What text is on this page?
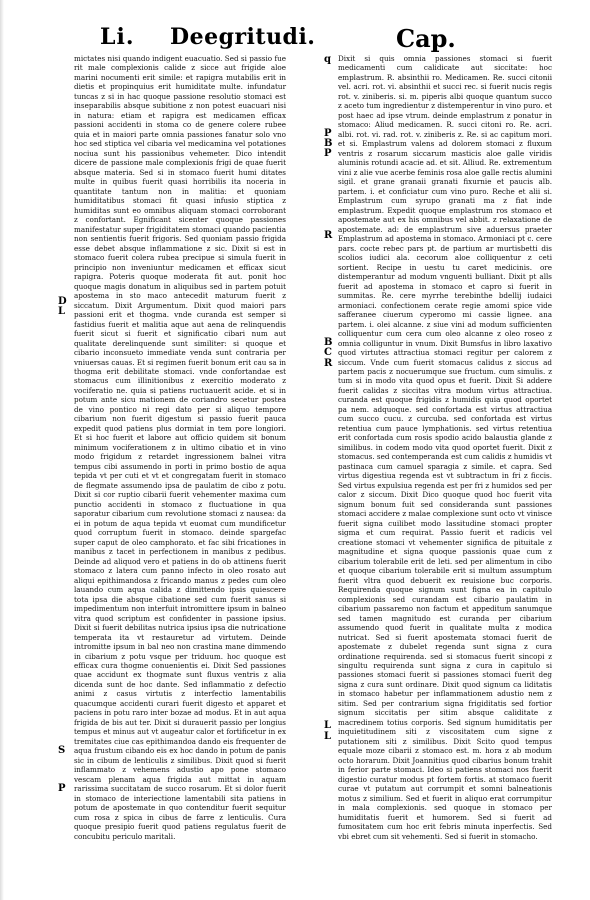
Li. Deegritudi.	Cap.
D
L
S
P
q
P
B
P
R
B
C
R
L
L

mictates nisi quando indigent euacuatio. Sed si passio fue rit male complexionis calide z sicce aut frigide aloe marini nocumenti erit simile: et rapigra mutabilis erit in dietis et propinquius erit humiditate multe. infundatur tuncas z si in hac quoque passione resolutio stomaci est inseparabilis absque subitione z non potest euacuari nisi in natura: etiam et rapigra est medicamen efficax passioni accidenti in stoma co de genere colere rubee quia et in maiori parte omnia passiones fanatur solo vno hoc sed stiptica vel cibaria vel medicamina vel potationes nociua sunt his passionibus vehemeter. Dico intendit dicere de passione male complexionis frigi de quae fuerit absque materia. Sed si in stomaco fuerit humi ditates multe in quibus fuerit quasi horribilis ita noceria in quantitate tantum non in malitia: et quoniam humiditatibus stomaci fit quasi infusio stiptica z humiditas sunt eo omnibus aliquam stomaci corroborant z confortant. Egnificant sicenter quoque passiones manifestatur super frigiditatem stomaci quando pacientia non sentientis fuerit frigoris. Sed quoniam passio frigida esse debet absque inflammatione z sic. Dixit si est in stomaco fuerit colera rubea precipue si simula fuerit in principio non inveniuntur medicamen et efficax sicut rapigra. Poteris quoque moderata fit aut. ponit hoc quoque magis donatum in aliquibus sed in partem potuit apostema in sto maco antecedit maturum fuerit z siccatum. Dixit Argumentum. Dixit quod maiori pars passioni erit et thogma. vnde curanda est semper si fastidius fuerit et malitia aque aut aena de relinquendis fuerit sicut si fuerit et significatio cibari num aut qualitate derelinquende sunt similiter: si quoque et cibario inconsueto immediate venda sunt contraria per vniuersas cauas. Et si regimen fuerit bonum erit cau sa in thogma erit debilitate stomaci. vnde confortandae est stomacus cum illinitionibus z exercitio moderato z vociferatio ne. quia si patiens ructuauerit acide. et si in potum ante sicu mationem de coriandro secetur postea de vino pontico ni regi dato per si aliquo tempore cibarium non fuerit digestum si passio fuerit pauca expedit quod patiens plus dormiat in tem pore longiori. Et si hoc fuerit et labore aut officio quidem sit bonum minimum vociferationem z in ultimo cibatio et in vino modo frigidum z retardet ingressionem balnei vitra tempus cibi assumendo in porti in primo bostio de aqua tepida vt per cuti et vt et congregatam fuerit in stomaco de flegmate assumendo ipsa de paulatim de cibo z potu. Dixit si cor ruptio cibarii fuerit vehementer maxima cum punctio accidenti in stomaco z fluctuatione in qua saporatur cibarium cum revolutione stomaci z nausea: da ei in potum de aqua tepida vt euomat cum mundificetur quod corruptum fuerit in stomaco. deinde spargefac super caput de oleo camphorato. et fac sibi fricationes in manibus z tacet in perfectionem in manibus z pedibus. Deinde ad aliquod vero et patiens in do ob attinens fuerit stomaco z latera cum panno infecto in oleo rosato aut aliqui epithimandosa z fricando manus z pedes cum oleo lauando cum aqua calida z dimittendo ipsis quiescere tota ipsa die absque cibatione sed cum fuerit sanus si impedimentum non interfuit intromittere ipsum in balneo vitra quod scriptum est confidenter in passione ipsius. Dixit si fuerit debilitas nutrica ipsius ipsa die nutricatione temperata ita vt restauretur ad virtutem. Deinde intromitte ipsum in bal neo non crastina mane dimmendo in cibarium z potu vsque per triduum. hoc quoque est efficax cura thogme conuenientis ei. Dixit Sed passiones quae accidunt ex thogmate sunt fluxus ventris z alia dicenda sunt de hoc dante. Sed inflammatio z defectio animi z casus virtutis z interfectio lamentabilis quacumque accidenti curari fuerit digesto et apparet et paciens in potu raro inter bozae ad modus. Et in aut aqua frigida de bis aut ter. Dixit si durauerit passio per longius tempus et minus aut vt augeatur calor et fortificetur in ex tremitates ciue cas epithimandoa dando eis frequenter de aqua frustum cibando eis ex hoc dando in potum de panis sic in cibum de lenticulis z similibus. Dixit quod si fuerit inflammato z vehemens adustio apo pone stomaco vescam plenam aqua frigida aut mittat in aquam rarissima succitatam de succo rosarum. Et si dolor fuerit in stomaco de interiectione lamentabili sita patiens in potum de apostemate in quo contenditur fuerit sequitur cum rosa z spica in cibus de farre z lenticulis. Cura quoque presipio fuerit quod patiens regulatus fuerit de concubitu periculo maritali.

Dixit si quis omnia passiones stomaci si fuerit medicamenti cum calidicate aut siccitate: hoc emplastrum. R. absinthii ro. Medicamen. Re. succi citonii vel. acri. rot. vi. absinthii et succi rec. si fuerit nucis regis rot. v. ziniberis. si. m. piperis albi quoque quantum succo z aceto tum ingredientur z distemperentur in vino puro. et post haec ad ipse vtrum. deinde emplastrum z ponatur in stomaco: Aliud medicamen. R. succi citoni ro. Re. acri. albi. rot. vi. rad. rot. v. ziniberis z. Re. si ac capitum mori. et si. Emplastrum valens ad dolorem stomaci z fluxum ventris z rosarum siccarum masticis aloe galle viridis aluminis rotundi acacie ad. et sit. Alliud. Re. extrementum vini z alie vue acerbe feminis rosa aloe galle rectis alumini sigil. et grane granaii granati fixurnie et paucis alb. partem. i. et conficiatur cum vino puro. Reche et alii si. Emplastrum cum syrupo granati ma z fiat inde emplastrum. Expedit quoque emplastrum ros stomaco et apostemate aut ex his omnibus vel abbit. z relaxatione de apostemate. ad: de emplastrum sive aduersus praeter Emplastrum ad apostema in stomaco. Armoniaci pt c. cere pars. cocte rebec pars pt. de partium ar murtisbetti dis scolios iudici ala. cecorum aloe colliquentur z ceti sortient. Recipe in uestu tu caret medicinis. ore distemperantur ad modum vnguenti bulliant. Dixit pt alls fuerit ad apostema in stomaco et capro si fuerit in summitas. Re. cere myrrhe terebinthe bdellij iudaici armoniaci. confectionem cerate regie amomi spice vide safferanee ciuerum cyperomo mi cassie lignee. ana partem. i. olei alcanne. z siue vini ad modum sufficienten colliquentur cum cera cum oleo alcanne z oleo roseo z omnia colliguntur in vnum. Dixit Bumsfus in libro laxativo quod virtutes attractiua stomaci regitur per calorem z siccum. Vnde cum fuerit stomacus calidus z siccus ad partem pacis z nocuerumque sue fructum. cum simulis. z tum si in modo vita quod opus et fuerit. Dixit Si addere fuerit calidas z siccitas vitra modum virtus attractiua. curanda est quoque frigidis z humidis quia quod oportet pa nem. adquoque. sed confortada est virtus attractiua cum succo cucu. z curcuba. sed confortada est virtus retentiua cum pauce lymphationis. sed virtus retentiua erit confortada cum rosis spodio acido balaustia glande z similibus. in codem modo vita quod oportet fuerit. Dixit z stomacus. sed contemperanda est cum calidis z humidis vt pastinaca cum camuel sparagia z simile. et capra. Sed virtus digestiua regenda est vt subtractum in fri z ficcis. Sed virtus expulsiua regenda est per fri z humidos sed per calor z siccum. Dixit Dico quoque quod hoc fuerit vita signum bonum fuit sed consideranda sunt passiones stomaci accidere z malae complexione sunt octo vt vinisce fuerit signa cuilibet modo lassitudine stomaci propter sigma et cum requirat. Passio fuerit et radicis vel creatione stomaci vt vehementer significa de pituitale z magnitudine et signa quoque passionis quae cum z cibarium tolerabile erit de leti. sed per alimentum in cibo et quoque cibarium tolerabile erit si multum assumptum fuerit vltra quod debuerit ex reuisione buc corporis. Requirenda quoque signum sunt figna ea in capitulo complexionis sed curandam est cibario paulatim in cibarium passaremo non factum et appeditum sanumque sed tamen magnitudo est curanda per cibarium assumendo quod fuerit in qualitate multa z modica nutricat. Sed si fuerit apostemata stomaci fuerit de apostemate z dubelet regenda sunt signa z cura ordinatione requirenda. sed si stomacus fuerit sincopi z singultu requirenda sunt signa z cura in capitulo si passiones stomaci fuerit si passiones stomaci fuerit deg signa z cura sunt ordinare. Dixit quod signum ca liditatis in stomaco habetur per inflammationem adustio nem z sitim. Sed per contrarium signa frigiditatis sed fortior signum siccitatis per sitim absque caliditate z macredinem totius corporis. Sed signum humiditatis per inquietitudinem siti z viscositatem cum signe z putationem siti z similibus. Dixit Scito quod tempus equale moze cibarii z stomaco est. m. hora z ab modum octo horarum. Dixit Joannitius quod cibarius bonum trahit in ferior parte stomaci. Ideo si patiens stomaci nos fuerit digestio curatur modus pt fortem fortis. at stomaco fuerit curae vt putatum aut corrumpit et somni balneationis motus z similium. Sed et fuerit in aliquo erat corrumpitur in mala complexionis. sed quoque in stomaco per humiditatis fuerit et humorem. Sed si fuerit ad fumositatem cum hoc erit febris minuta inperfectis. Sed vbi ebret cum sit vehementi. Sed si fuerit in stomacho.
